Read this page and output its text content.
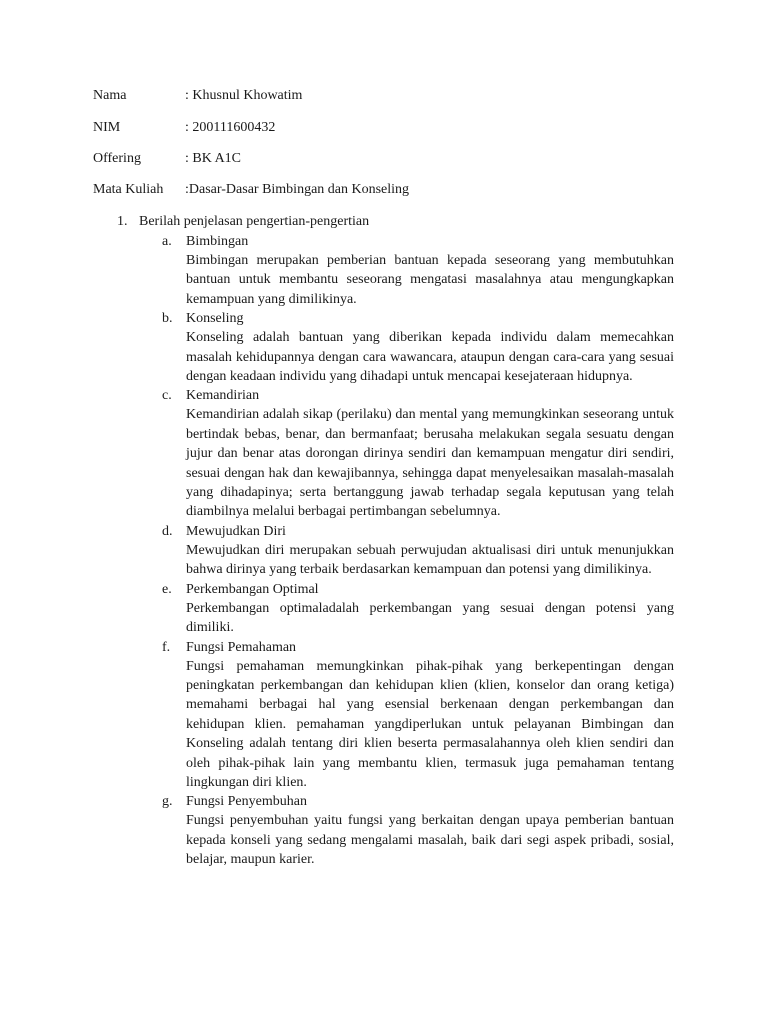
Nama	: Khusnul Khowatim
NIM	: 200111600432
Offering	: BK A1C
Mata Kuliah :Dasar-Dasar Bimbingan dan Konseling
1. Berilah penjelasan pengertian-pengertian
a. Bimbingan

Bimbingan merupakan pemberian bantuan kepada seseorang yang membutuhkan bantuan untuk membantu seseorang mengatasi masalahnya atau mengungkapkan kemampuan yang dimilikinya.

b. Konseling

Konseling adalah bantuan yang diberikan kepada individu dalam memecahkan masalah kehidupannya dengan cara wawancara, ataupun dengan cara-cara yang sesuai dengan keadaan individu yang dihadapi untuk mencapai kesejateraan hidupnya.

c. Kemandirian

Kemandirian adalah sikap (perilaku) dan mental yang memungkinkan seseorang untuk bertindak bebas, benar, dan bermanfaat; berusaha melakukan segala sesuatu dengan jujur dan benar atas dorongan dirinya sendiri dan kemampuan mengatur diri sendiri, sesuai dengan hak dan kewajibannya, sehingga dapat menyelesaikan masalah-masalah yang dihadapinya; serta bertanggung jawab terhadap segala keputusan yang telah diambilnya melalui berbagai pertimbangan sebelumnya.

d. Mewujudkan Diri

Mewujudkan diri merupakan sebuah perwujudan aktualisasi diri untuk menunjukkan bahwa dirinya yang terbaik berdasarkan kemampuan dan potensi yang dimilikinya.

e. Perkembangan Optimal

Perkembangan optimaladalah perkembangan yang sesuai dengan potensi yang dimiliki.

f. Fungsi Pemahaman

Fungsi pemahaman memungkinkan pihak-pihak yang berkepentingan dengan peningkatan perkembangan dan kehidupan klien (klien, konselor dan orang ketiga) memahami berbagai hal yang esensial berkenaan dengan perkembangan dan kehidupan klien. pemahaman yangdiperlukan untuk pelayanan Bimbingan dan Konseling adalah tentang diri klien beserta permasalahannya oleh klien sendiri dan oleh pihak-pihak lain yang membantu klien, termasuk juga pemahaman tentang lingkungan diri klien.

g. Fungsi Penyembuhan

Fungsi penyembuhan yaitu fungsi yang berkaitan dengan upaya pemberian bantuan kepada konseli yang sedang mengalami masalah, baik dari segi aspek pribadi, sosial, belajar, maupun karier.
